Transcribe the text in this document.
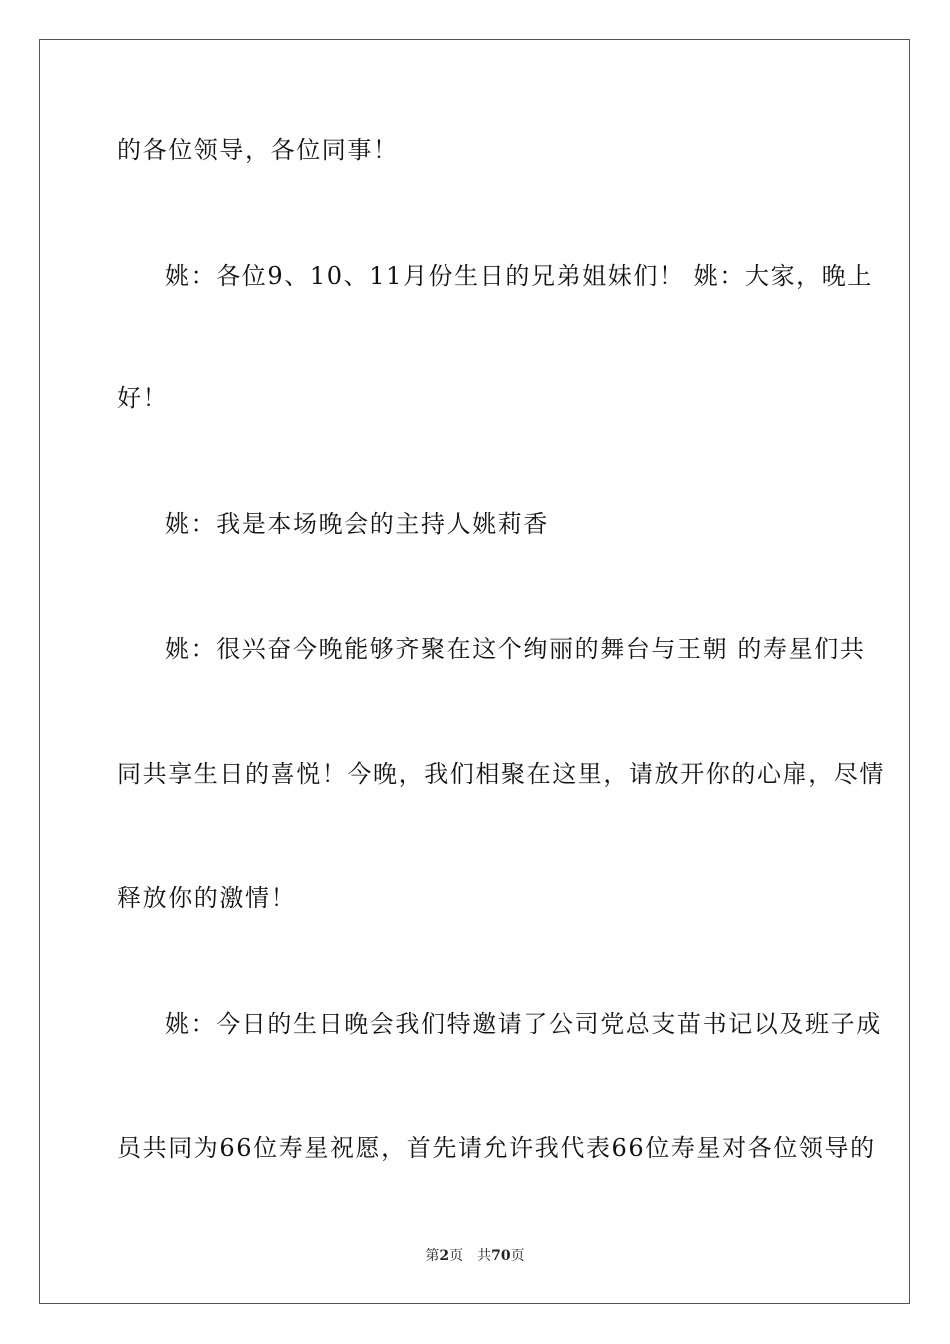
的各位领导，各位同事！
姚：各位9、10、11月份生日的兄弟姐妹们！ 姚：大家，晚上
好！
姚：我是本场晚会的主持人姚莉香
姚：很兴奋今晚能够齐聚在这个绚丽的舞台与王朝 的寿星们共
同共享生日的喜悦！今晚，我们相聚在这里，请放开你的心扉，尽情
释放你的激情！
姚：今日的生日晚会我们特邀请了公司党总支苗书记以及班子成
员共同为66位寿星祝愿，首先请允许我代表66位寿星对各位领导的
第2页 共70页
